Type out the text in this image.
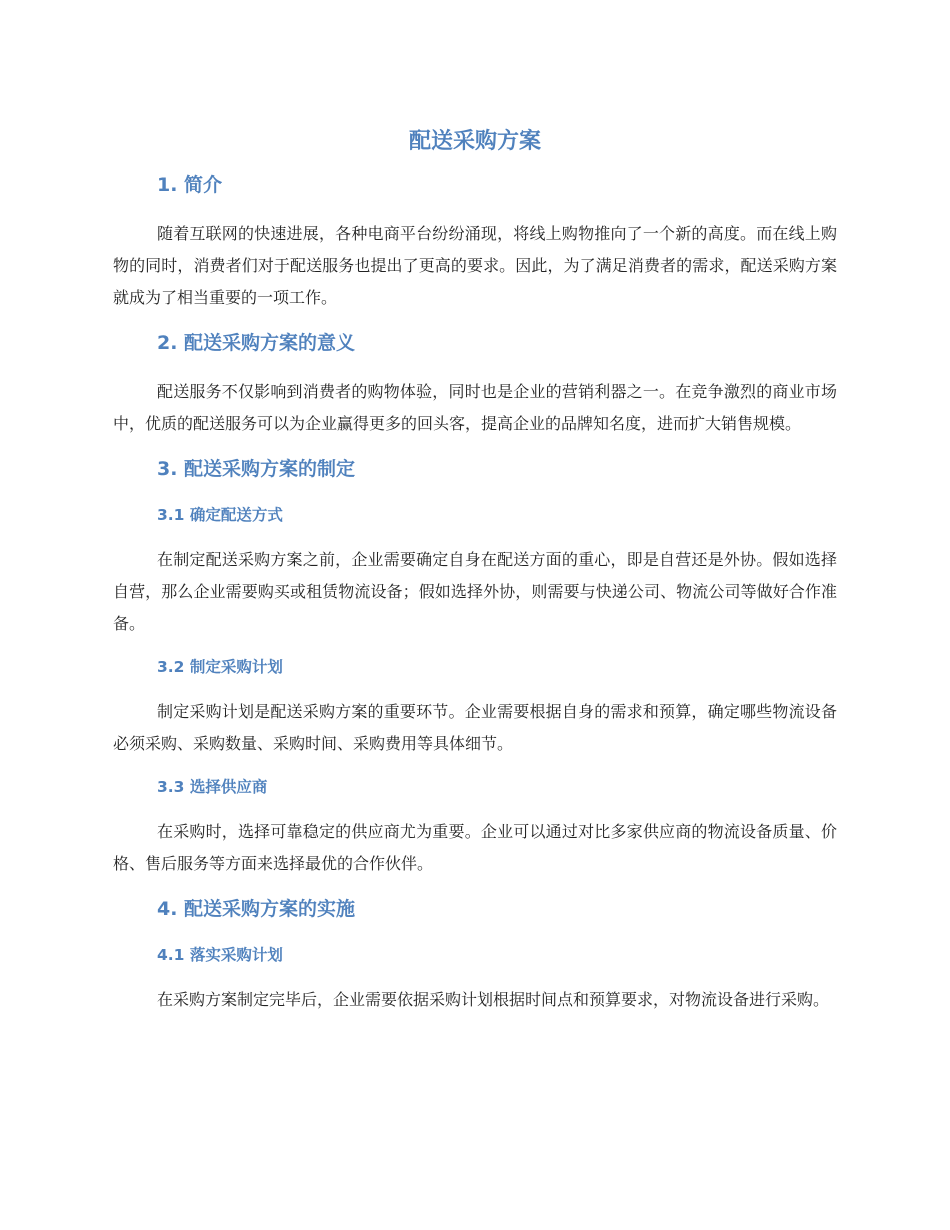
配送采购方案
1. 简介

随着互联网的快速进展，各种电商平台纷纷涌现，将线上购物推向了一个新的高度。而在线上购物的同时，消费者们对于配送服务也提出了更高的要求。因此，为了满足消费者的需求，配送采购方案就成为了相当重要的一项工作。

2. 配送采购方案的意义

配送服务不仅影响到消费者的购物体验，同时也是企业的营销利器之一。在竞争激烈的商业市场中，优质的配送服务可以为企业赢得更多的回头客，提高企业的品牌知名度，进而扩大销售规模。

3. 配送采购方案的制定
3.1 确定配送方式

在制定配送采购方案之前，企业需要确定自身在配送方面的重心，即是自营还是外协。假如选择自营，那么企业需要购买或租赁物流设备；假如选择外协，则需要与快递公司、物流公司等做好合作准备。

3.2 制定采购计划

制定采购计划是配送采购方案的重要环节。企业需要根据自身的需求和预算，确定哪些物流设备必须采购、采购数量、采购时间、采购费用等具体细节。

3.3 选择供应商

在采购时，选择可靠稳定的供应商尤为重要。企业可以通过对比多家供应商的物流设备质量、价格、售后服务等方面来选择最优的合作伙伴。

4. 配送采购方案的实施
4.1 落实采购计划

在采购方案制定完毕后，企业需要依据采购计划根据时间点和预算要求，对物流设备进行采购。
